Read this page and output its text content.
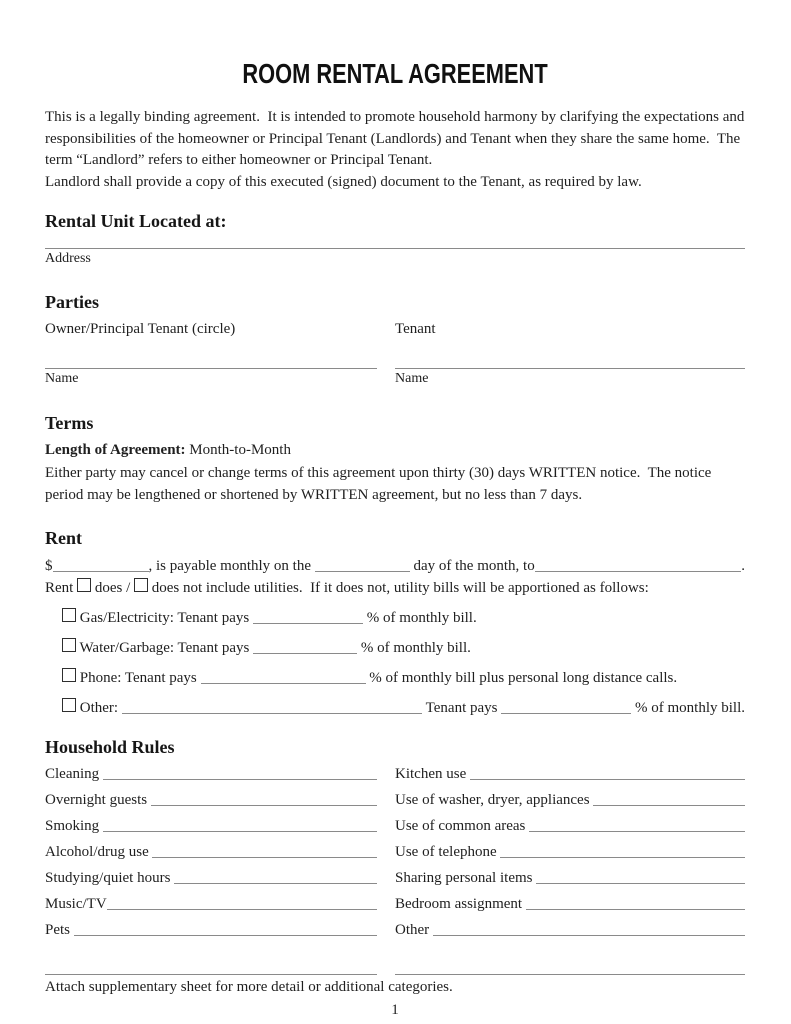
ROOM RENTAL AGREEMENT

This is a legally binding agreement.  It is intended to promote household harmony by clarifying the expectations and responsibilities of the homeowner or Principal Tenant (Landlords) and Tenant when they share the same home.  The term “Landlord” refers to either homeowner or Principal Tenant.

Landlord shall provide a copy of this executed (signed) document to the Tenant, as required by law.

Rental Unit Located at:
Address
Parties
Owner/Principal Tenant (circle)	Tenant
Name	Name
Terms
Length of Agreement: Month-to-Month

Either party may cancel or change terms of this agreement upon thirty (30) days WRITTEN notice.  The notice period may be lengthened or shortened by WRITTEN agreement, but no less than 7 days.

Rent
$	, is payable monthly on the	day of the month, to	.
Rent does / does not include utilities.  If it does not, utility bills will be apportioned as follows:
Gas/Electricity: Tenant pays	% of monthly bill.
Water/Garbage: Tenant pays	% of monthly bill.
Phone: Tenant pays	% of monthly bill plus personal long distance calls.
Other:	Tenant pays	% of monthly bill.
Household Rules
Cleaning	Kitchen use
Overnight guests	Use of washer, dryer, appliances
Smoking	Use of common areas
Alcohol/drug use	Use of telephone
Studying/quiet hours	Sharing personal items
Music/TV	Bedroom assignment
Pets	Other
Attach supplementary sheet for more detail or additional categories.
1
